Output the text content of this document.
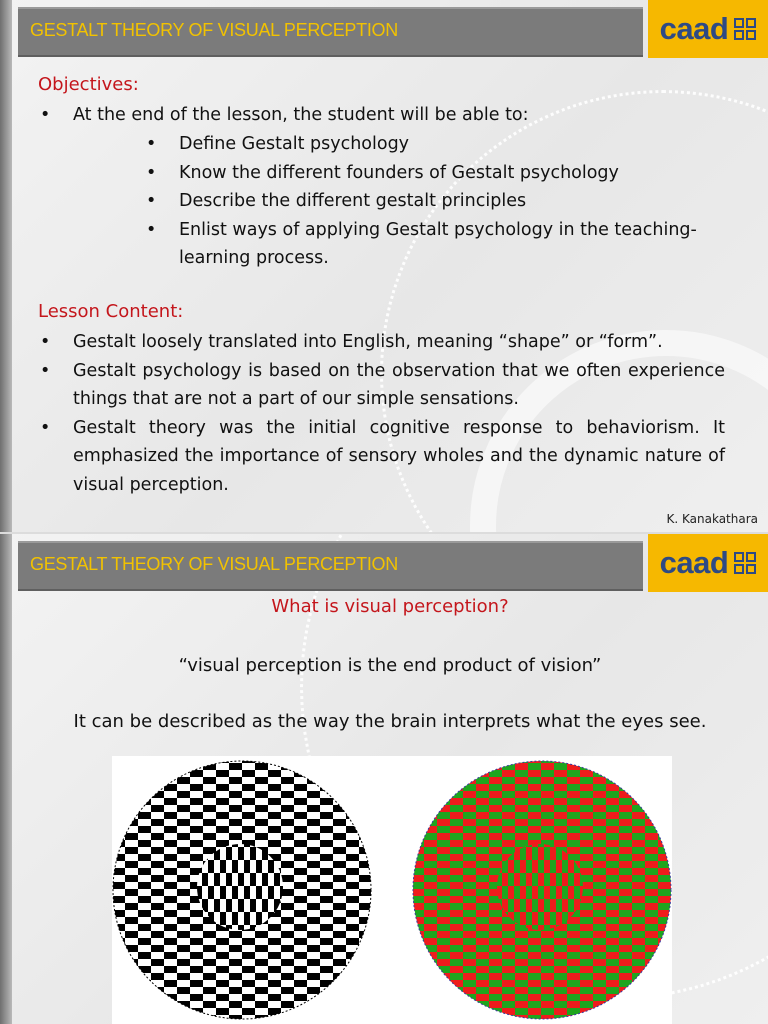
GESTALT THEORY OF VISUAL PERCEPTION	caad
Objectives:
• At the end of the lesson, the student will be able to:
• Define Gestalt psychology
• Know the different founders of Gestalt psychology
• Describe the different gestalt principles
• Enlist ways of applying Gestalt psychology in the teaching-learning process.
Lesson Content:
• Gestalt loosely translated into English, meaning “shape” or “form”.
• Gestalt psychology is based on the observation that we often experience things that are not a part of our simple sensations.
• Gestalt theory was the initial cognitive response to behaviorism. It emphasized the importance of sensory wholes and the dynamic nature of visual perception.
K. Kanakathara
GESTALT THEORY OF VISUAL PERCEPTION	caad
What is visual perception?
“visual perception is the end product of vision”
It can be described as the way the brain interprets what the eyes see.
